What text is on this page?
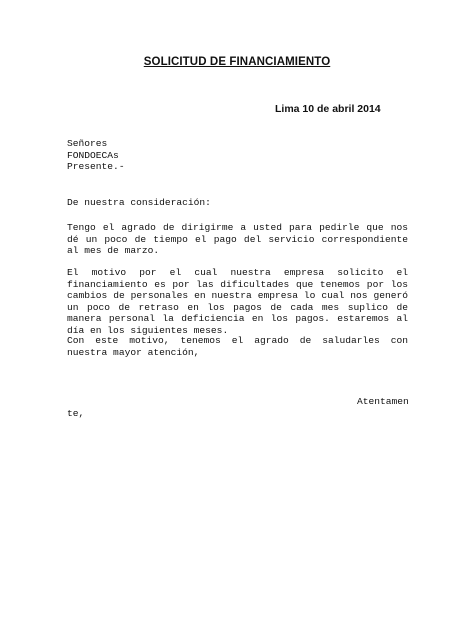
SOLICITUD DE FINANCIAMIENTO
Lima 10 de abril 2014
Señores
FONDOECAs
Presente.-
De nuestra consideración:
Tengo el agrado de dirigirme a usted para pedirle que nos dé un poco de tiempo el pago del servicio correspondiente al mes de marzo.
El motivo por el cual nuestra empresa solicito el financiamiento es por las dificultades que tenemos por los cambios de personales en nuestra empresa lo cual nos generó un poco de retraso en los pagos de cada mes suplico de manera personal la deficiencia en los pagos. estaremos al día en los siguientes meses.
Con este motivo, tenemos el agrado de saludarles con nuestra mayor atención,
Atentamen
te,
